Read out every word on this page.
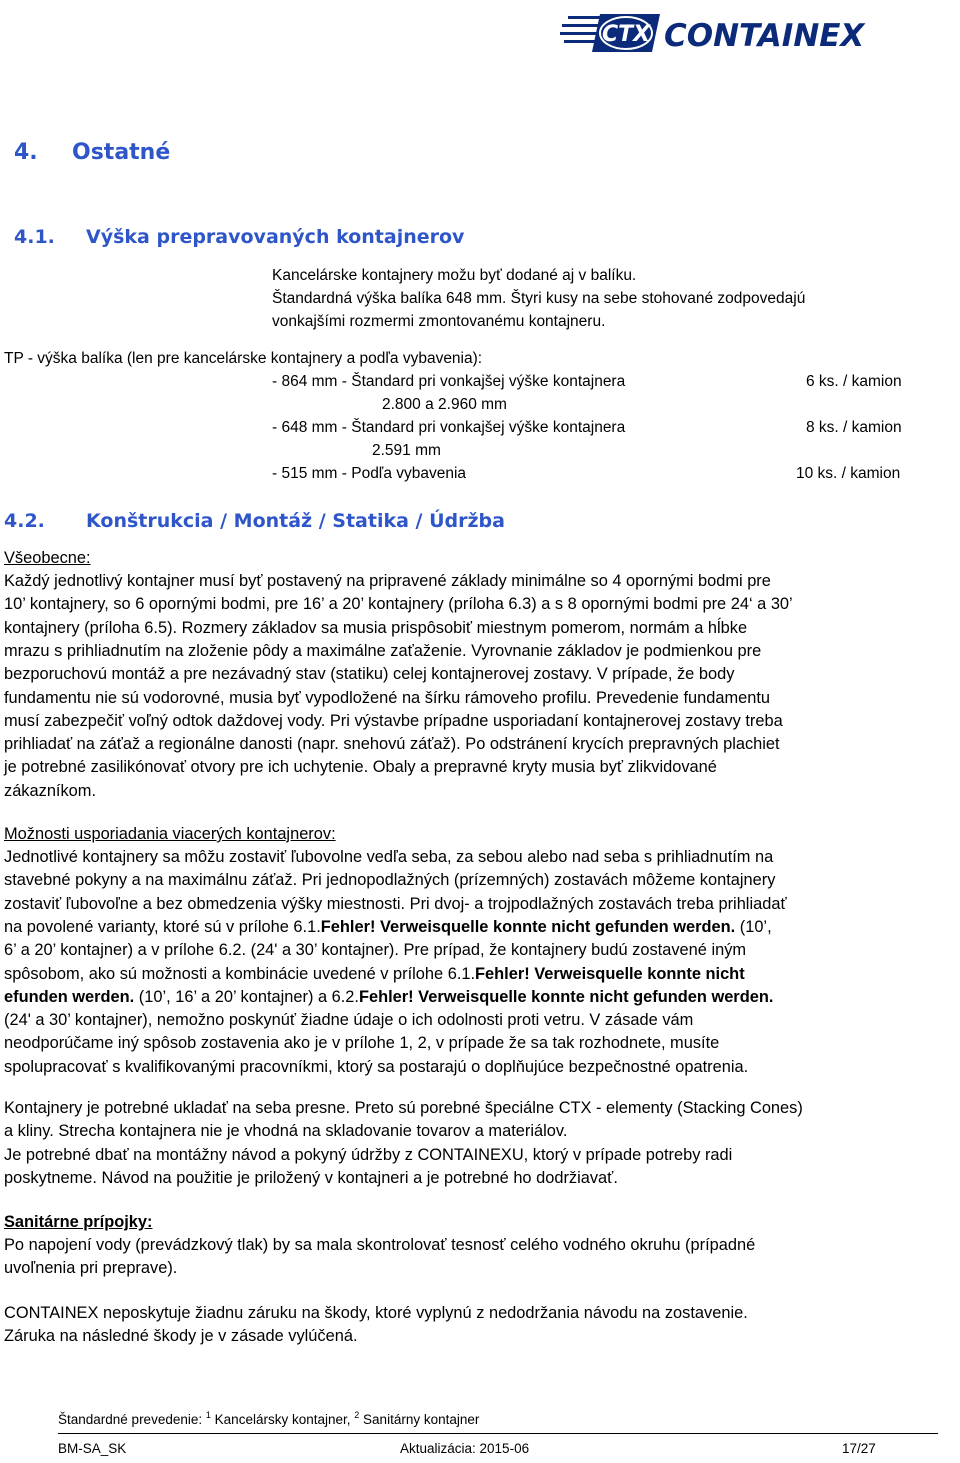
CTX CONTAINEX
4. Ostatné
4.1. Výška prepravovaných kontajnerov
Kancelárske kontajnery možu byť dodané aj v balíku.
Štandardná výška balíka 648 mm. Štyri kusy na sebe stohované zodpovedajú
vonkajšími rozmermi zmontovanému kontajneru.
TP - výška balíka (len pre kancelárske kontajnery a podľa vybavenia):
- 864 mm - Štandard pri vonkajšej výške kontajnera	6 ks. / kamion
2.800 a 2.960 mm
- 648 mm - Štandard pri vonkajšej výške kontajnera	8 ks. / kamion
2.591 mm
- 515 mm - Podľa vybavenia	10 ks. / kamion
4.2. Konštrukcia / Montáž / Statika / Údržba
Všeobecne:
Každý jednotlivý kontajner musí byť postavený na pripravené základy minimálne so 4 opornými bodmi pre
10’ kontajnery, so 6 opornými bodmi, pre 16’ a 20’ kontajnery (príloha 6.3) a s 8 opornými bodmi pre 24‘ a 30’
kontajnery (príloha 6.5). Rozmery základov sa musia prispôsobiť miestnym pomerom, normám a hĺbke
mrazu s prihliadnutím na zloženie pôdy a maximálne zaťaženie. Vyrovnanie základov je podmienkou pre
bezporuchovú montáž a pre nezávadný stav (statiku) celej kontajnerovej zostavy. V prípade, že body
fundamentu nie sú vodorovné, musia byť vypodložené na šírku rámoveho profilu. Prevedenie fundamentu
musí zabezpečiť voľný odtok daždovej vody. Pri výstavbe prípadne usporiadaní kontajnerovej zostavy treba
prihliadať na záťaž a regionálne danosti (napr. snehovú záťaž). Po odstránení krycích prepravných plachiet
je potrebné zasilikónovať otvory pre ich uchytenie. Obaly a prepravné kryty musia byť zlikvidované
zákazníkom.
Možnosti usporiadania viacerých kontajnerov:
Jednotlivé kontajnery sa môžu zostaviť ľubovolne vedľa seba, za sebou alebo nad seba s prihliadnutím na
stavebné pokyny a na maximálnu záťaž. Pri jednopodlažných (prízemných) zostavách môžeme kontajnery
zostaviť ľubovoľne a bez obmedzenia výšky miestnosti. Pri dvoj- a trojpodlažných zostavách treba prihliadať
na povolené varianty, ktoré sú v prílohe 6.1.Fehler! Verweisquelle konnte nicht gefunden werden. (10’,
6’ a 20’ kontajner) a v prílohe 6.2. (24' a 30’ kontajner). Pre prípad, že kontajnery budú zostavené iným
spôsobom, ako sú možnosti a kombinácie uvedené v prílohe 6.1.Fehler! Verweisquelle konnte nicht
efunden werden. (10’, 16’ a 20’ kontajner) a 6.2.Fehler! Verweisquelle konnte nicht gefunden werden.
(24' a 30’ kontajner), nemožno poskynúť žiadne údaje o ich odolnosti proti vetru. V zásade vám
neodporúčame iný spôsob zostavenia ako je v prílohe 1, 2, v prípade že sa tak rozhodnete, musíte
spolupracovať s kvalifikovanými pracovníkmi, ktorý sa postarajú o doplňujúce bezpečnostné opatrenia.
Kontajnery je potrebné ukladať na seba presne. Preto sú porebné špeciálne CTX - elementy (Stacking Cones)
a kliny. Strecha kontajnera nie je vhodná na skladovanie tovarov a materiálov.
Je potrebné dbať na montážny návod a pokyný údržby z CONTAINEXU, ktorý v prípade potreby radi
poskytneme. Návod na použitie je priložený v kontajneri a je potrebné ho dodržiavať.
Sanitárne prípojky:
Po napojení vody (prevádzkový tlak) by sa mala skontrolovať tesnosť celého vodného okruhu (prípadné
uvoľnenia pri preprave).
CONTAINEX neposkytuje žiadnu záruku na škody, ktoré vyplynú z nedodržania návodu na zostavenie.
Záruka na následné škody je v zásade vylúčená.
Štandardné prevedenie: $^1$ Kancelársky kontajner, $^2$ Sanitárny kontajner
BM-SA_SK	Aktualizácia: 2015-06	17/27
